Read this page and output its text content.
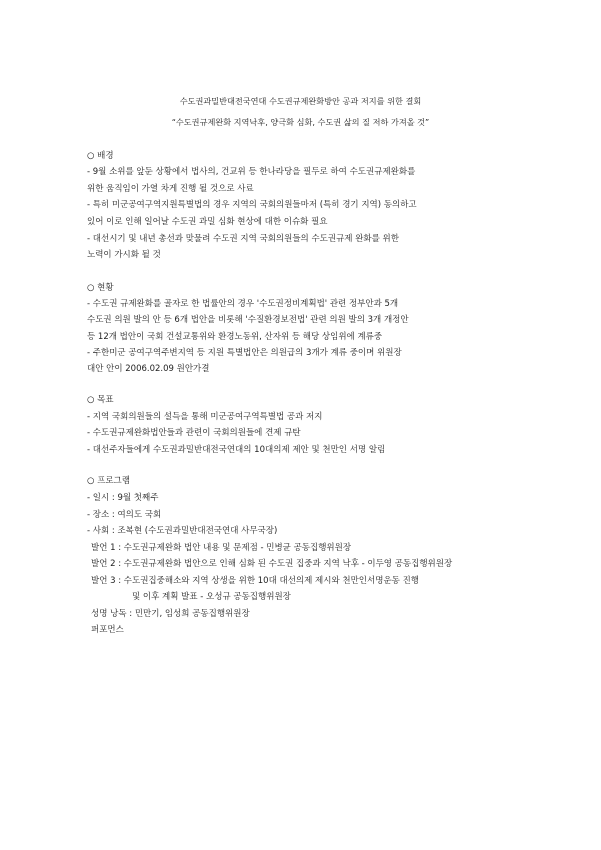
수도권과밀반대전국연대 수도권규제완화방안 공과 저지를 위한 결회
“수도권규제완화 지역낙후, 양극화 심화, 수도권 삶의 질 저하 가져올 것”
○ 배경
- 9월 소위를 앞둔 상황에서 법사의, 건교위 등 한나라당을 필두로 하여 수도권규제완화를
위한 움직임이 가열 차게 진행 될 것으로 사료
- 특히 미군공여구역지원특별법의 경우 지역의 국회의원들마저 (특히 경기 지역) 동의하고
있어 이로 인해 일어날 수도권 과밀 심화 현상에 대한 이슈화 필요
- 대선시기 및 내년 총선과 맞물려 수도권 지역 국회의원들의 수도권규제 완화를 위한
노력이 가시화 될 것
○ 현황
- 수도권 규제완화를 골자로 한 법률안의 경우 '수도권정비계획법' 관련 정부안과 5개
수도권 의원 발의 안 등 6개 법안을 비롯해 '수질환경보전법' 관련 의원 발의 3개 개정안
등 12개 법안이 국회 건설교통위와 환경노동위, 산자위 등 해당 상임위에 계류중
- 주한미군 공여구역주변지역 등 지원 특별법안은 의원급의 3개가 계류 중이며 위원장
대안 안이 2006.02.09 원안가결
○ 목표
- 지역 국회의원들의 설득을 통해 미군공여구역특별법 공과 저지
- 수도권규제완화법안들과 관련이 국회의원들에 견제 규탄
- 대선주자들에게 수도권과밀반대전국연대의 10대의제 제안 및 천만인 서명 알림
○ 프로그램
- 일시 : 9월 첫째주
- 장소 : 여의도 국회
- 사회 : 조복현 (수도권과밀반대전국연대 사무국장)
발언 1 : 수도권규제완화 법안 내용 및 문제점 - 민병균 공동집행위원장
발언 2 : 수도권규제완화 법안으로 인해 심화 된 수도권 집중과 지역 낙후 - 이두영 공동집행위원장
발언 3 : 수도권집중해소와 지역 상생을 위한 10대 대선의제 제시와 천만인서명운동 진행
및 이후 계획 발표 - 오성규 공동집행위원장
성명 낭독 : 민만기, 임성희 공동집행위원장
퍼포먼스
